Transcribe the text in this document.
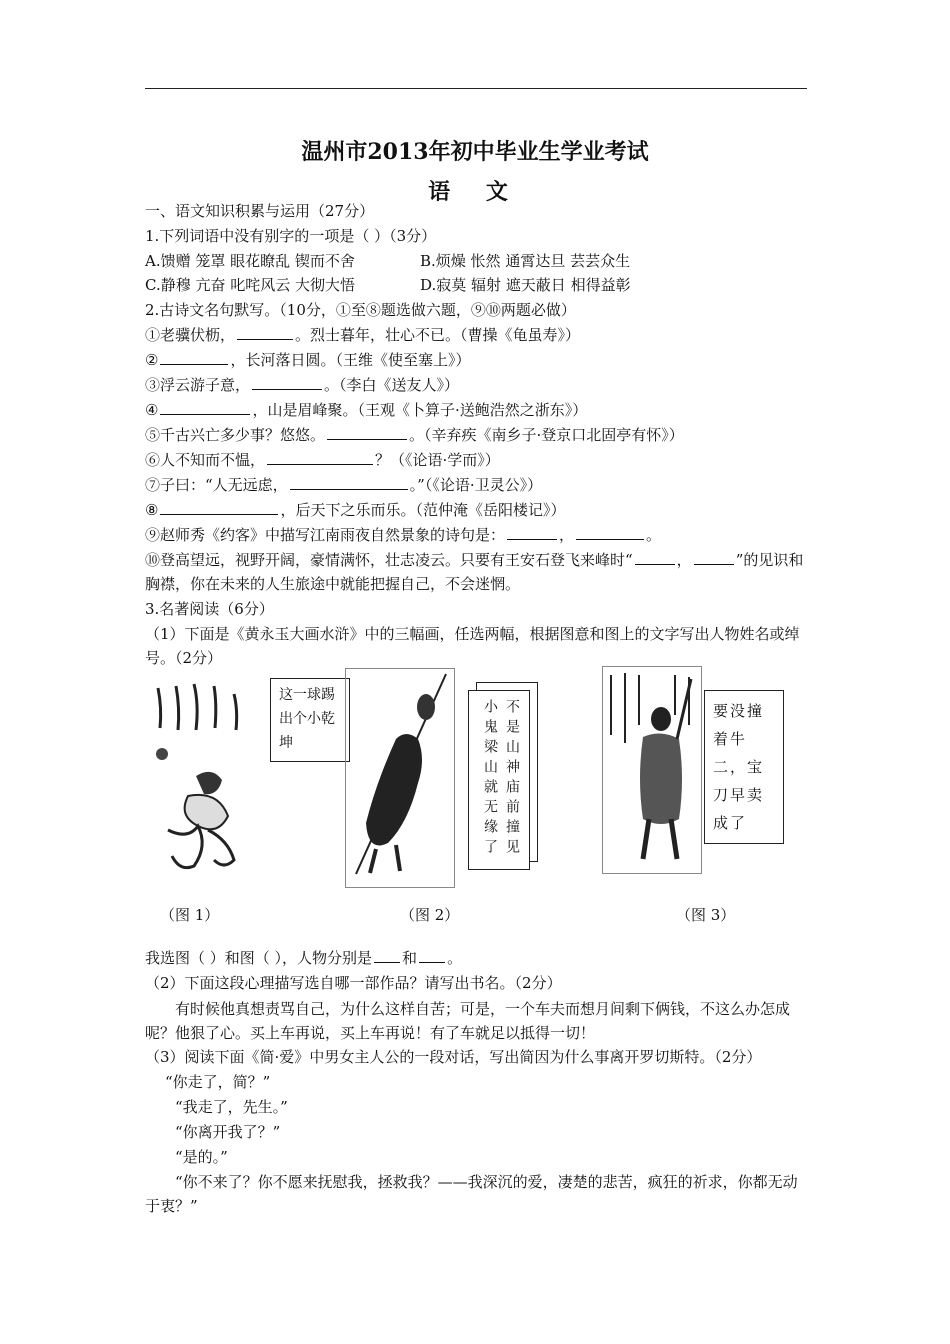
温州市2013年初中毕业生学业考试
语 文
一、语文知识积累与运用（27分）
1.下列词语中没有别字的一项是（ ）（3分）
A.馈赠 笼罩 眼花瞭乱 锲而不舍	B.烦燥 怅然 通霄达旦 芸芸众生
C.静穆 亢奋 叱咤风云 大彻大悟	D.寂莫 辐射 遮天蔽日 相得益彰
2.古诗文名句默写。（10分，①至⑧题选做六题，⑨⑩两题必做）
①老骥伏枥，	。烈士暮年，壮心不已。（曹操《龟虽寿》）
②	，长河落日圆。（王维《使至塞上》）
③浮云游子意，	。（李白《送友人》）
④	，山是眉峰聚。（王观《卜算子·送鲍浩然之浙东》）
⑤千古兴亡多少事？悠悠。	。（辛弃疾《南乡子·登京口北固亭有怀》）
⑥人不知而不愠，	？（《论语·学而》）
⑦子曰：“人无远虑，	。”（《论语·卫灵公》）
⑧	，后天下之乐而乐。（范仲淹《岳阳楼记》）
⑨赵师秀《约客》中描写江南雨夜自然景象的诗句是：	，	。
⑩登高望远，视野开阔，豪情满怀，壮志凌云。只要有王安石登飞来峰时“	，	”的见识和胸襟，你在未来的人生旅途中就能把握自己，不会迷惘。
3.名著阅读（6分）
（1）下面是《黄永玉大画水浒》中的三幅画，任选两幅，根据图意和图上的文字写出人物姓名或绰号。（2分）
这一球踢出个小乾坤	不是山神庙前撞见小鬼梁山就无缘了	要没撞着牛二，宝刀早卖成了
（图 1）	（图 2）	（图 3）
我选图（ ）和图（ ），人物分别是 和 。
（2）下面这段心理描写选自哪一部作品？请写出书名。（2分）
有时候他真想责骂自己，为什么这样自苦；可是，一个车夫而想月间剩下俩钱，不这么办怎成呢？他狠了心。买上车再说，买上车再说！有了车就足以抵得一切！
（3）阅读下面《简·爱》中男女主人公的一段对话，写出简因为什么事离开罗切斯特。（2分）
“你走了，简？”
“我走了，先生。”
“你离开我了？”
“是的。”
“你不来了？你不愿来抚慰我，拯救我？——我深沉的爱，凄楚的悲苦，疯狂的祈求，你都无动于衷？”
